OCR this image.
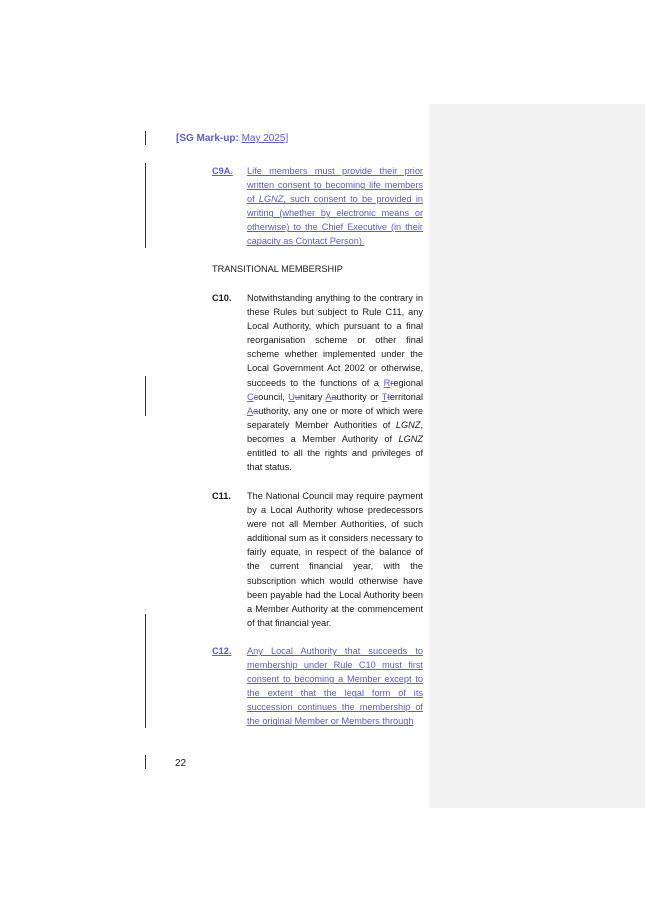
[SG Mark-up: May 2025]
C9A. Life members must provide their prior written consent to becoming life members of LGNZ, such consent to be provided in writing (whether by electronic means or otherwise) to the Chief Executive (in their capacity as Contact Person).
TRANSITIONAL MEMBERSHIP
C10. Notwithstanding anything to the contrary in these Rules but subject to Rule C11, any Local Authority, which pursuant to a final reorganisation scheme or other final scheme whether implemented under the Local Government Act 2002 or otherwise, succeeds to the functions of a Rregional Ccouncil, Uunitary Aauthority or Tterritorial Aauthority, any one or more of which were separately Member Authorities of LGNZ, becomes a Member Authority of LGNZ entitled to all the rights and privileges of that status.
C11. The National Council may require payment by a Local Authority whose predecessors were not all Member Authorities, of such additional sum as it considers necessary to fairly equate, in respect of the balance of the current financial year, with the subscription which would otherwise have been payable had the Local Authority been a Member Authority at the commencement of that financial year.
C12. Any Local Authority that succeeds to membership under Rule C10 must first consent to becoming a Member except to the extent that the legal form of its succession continues the membership of the original Member or Members through
22
